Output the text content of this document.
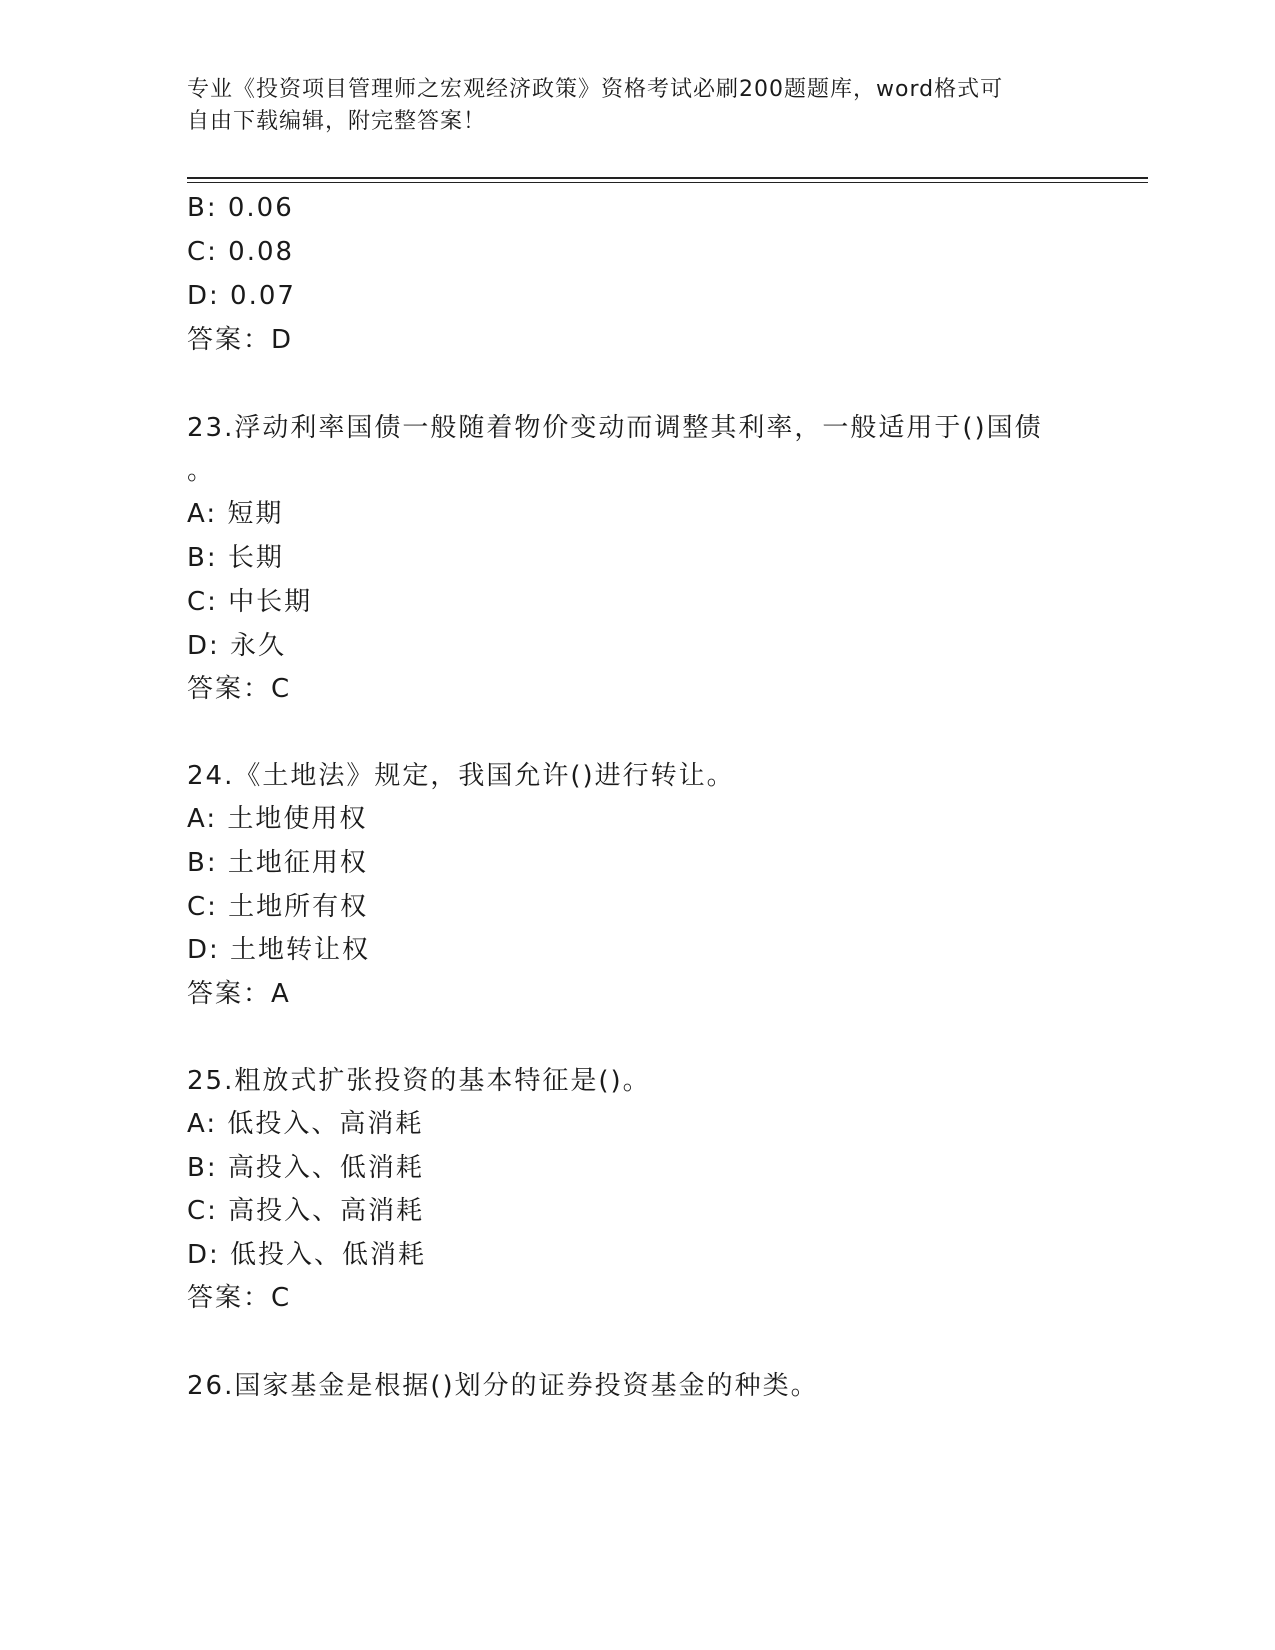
专业《投资项目管理师之宏观经济政策》资格考试必刷200题题库，word格式可
自由下载编辑，附完整答案！
B: 0.06
C: 0.08
D: 0.07
答案：D
23.浮动利率国债一般随着物价变动而调整其利率，一般适用于()国债
。
A: 短期
B: 长期
C: 中长期
D: 永久
答案：C
24.《土地法》规定，我国允许()进行转让。
A: 土地使用权
B: 土地征用权
C: 土地所有权
D: 土地转让权
答案：A
25.粗放式扩张投资的基本特征是()。
A: 低投入、高消耗
B: 高投入、低消耗
C: 高投入、高消耗
D: 低投入、低消耗
答案：C
26.国家基金是根据()划分的证券投资基金的种类。
